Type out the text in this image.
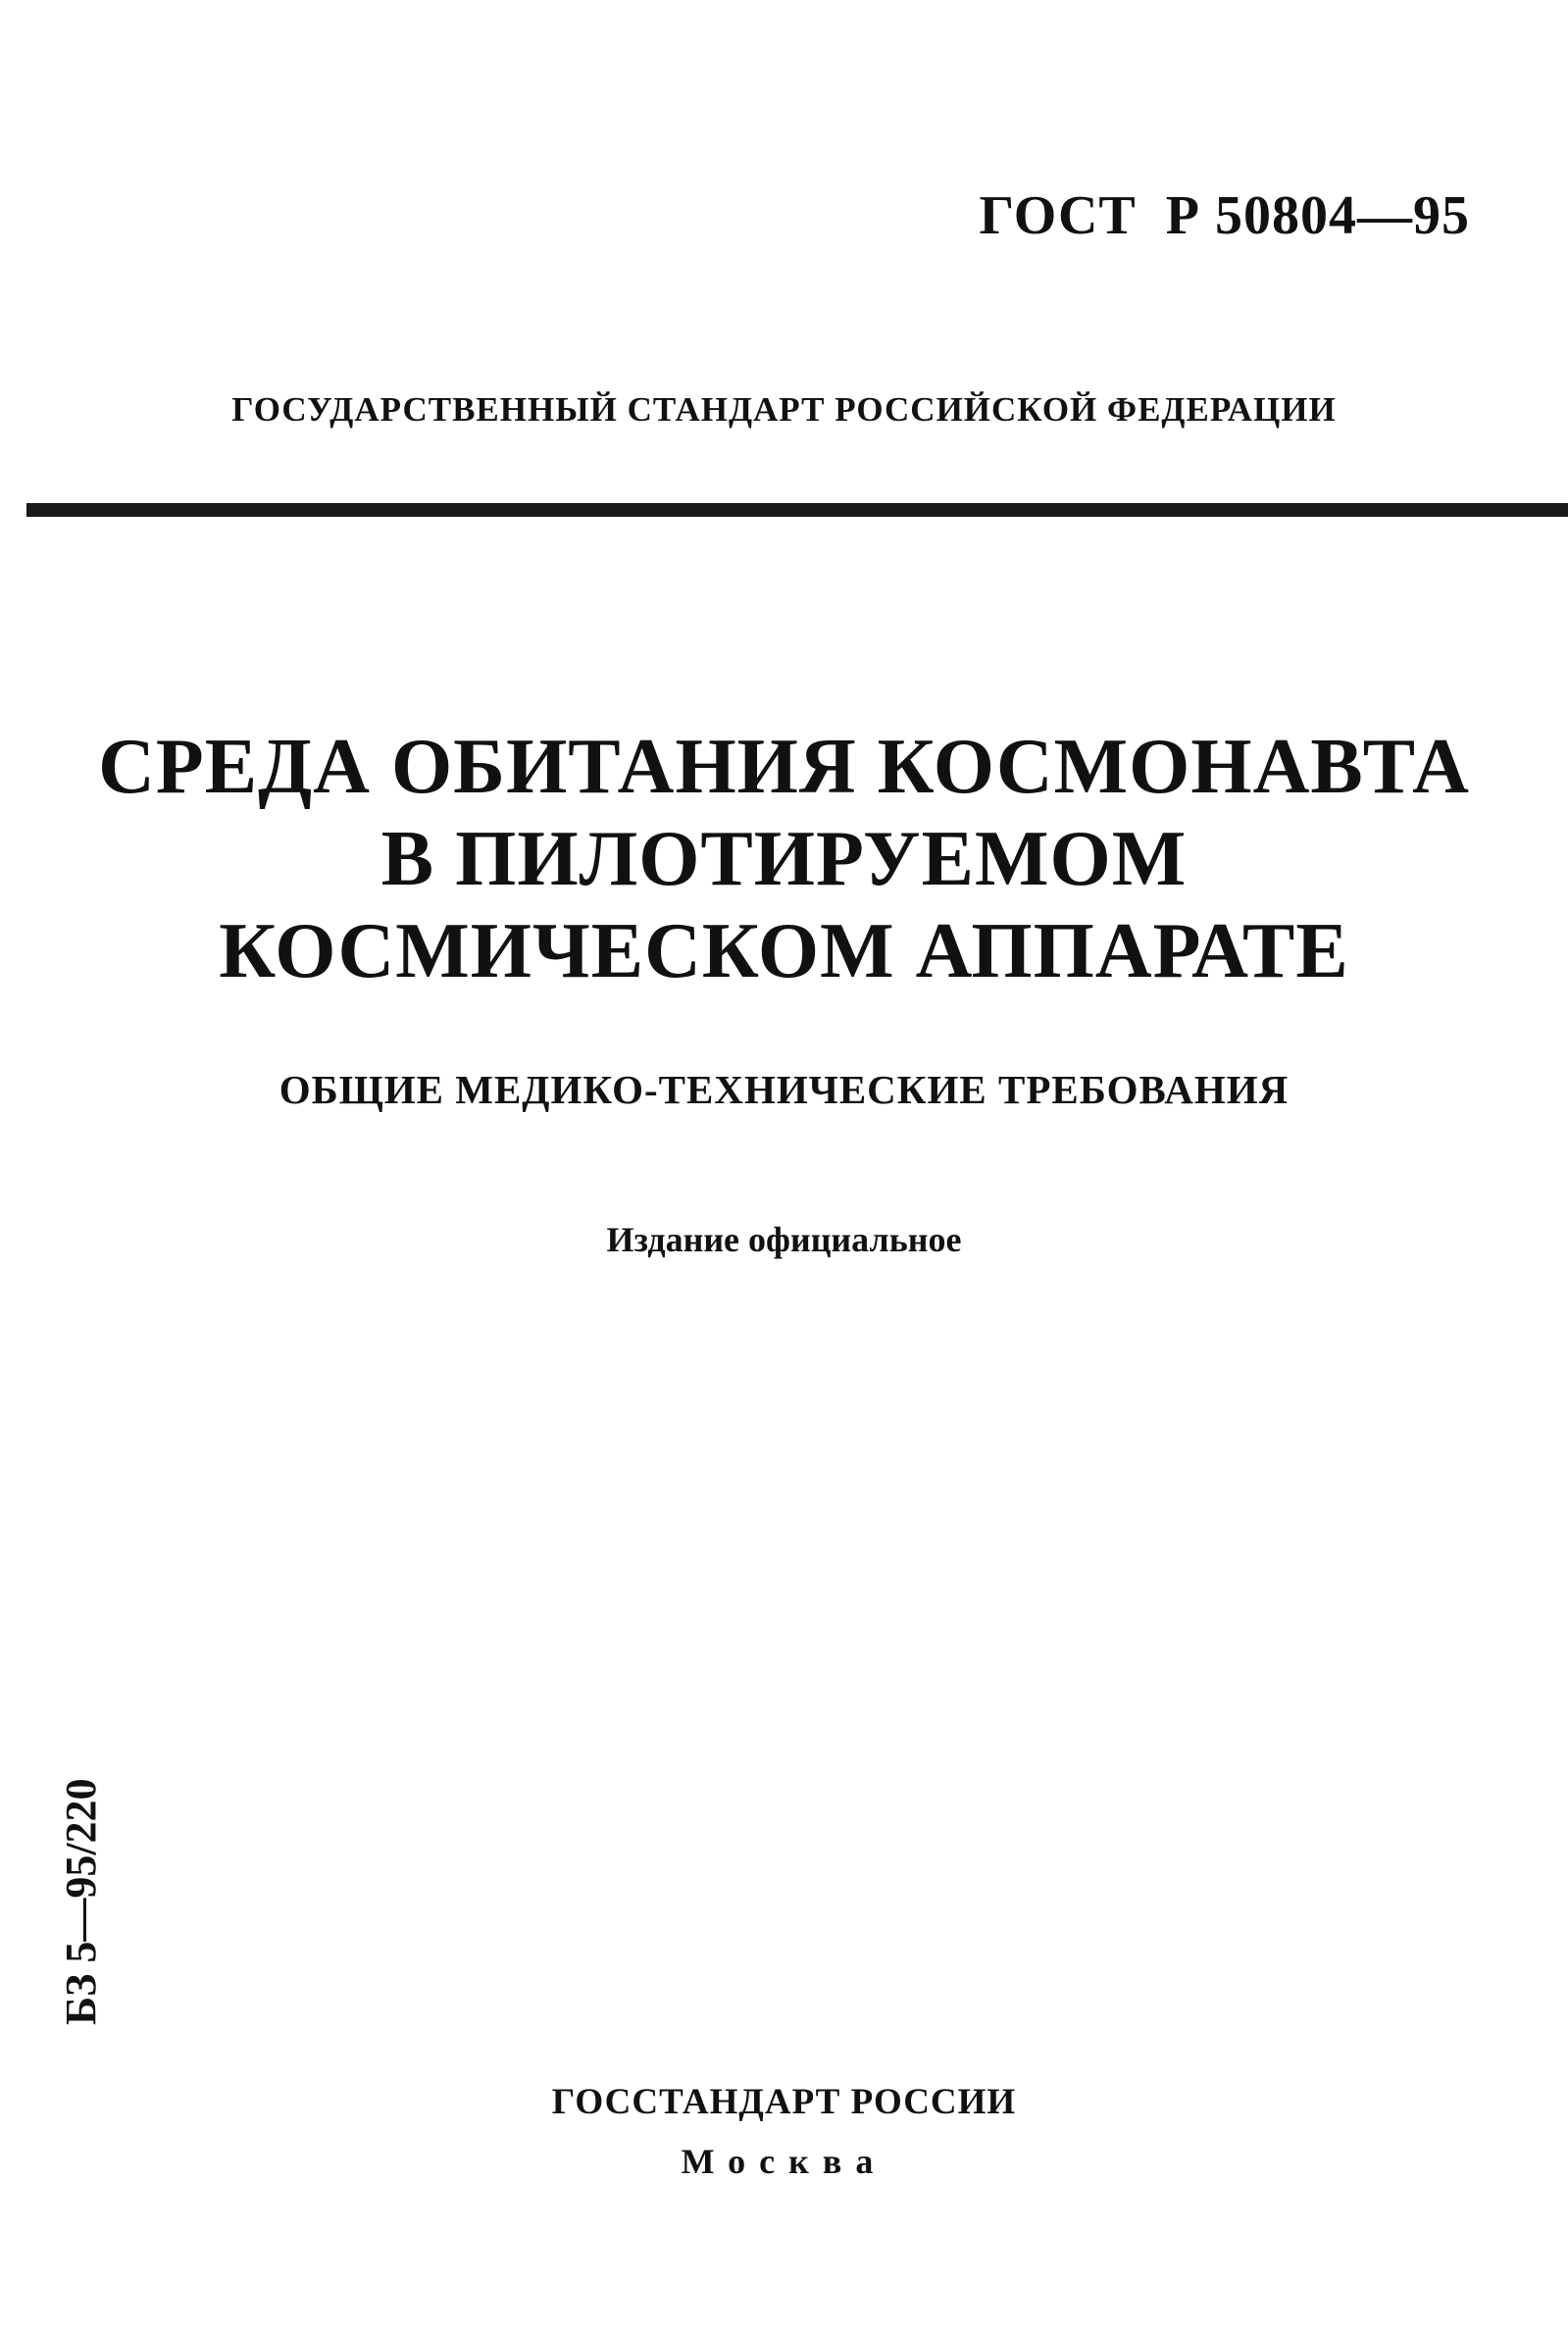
ГОСТ Р 50804—95
ГОСУДАРСТВЕННЫЙ СТАНДАРТ РОССИЙСКОЙ ФЕДЕРАЦИИ
СРЕДА ОБИТАНИЯ КОСМОНАВТА
В ПИЛОТИРУЕМОМ
КОСМИЧЕСКОМ АППАРАТЕ
ОБЩИЕ МЕДИКО-ТЕХНИЧЕСКИЕ ТРЕБОВАНИЯ
Издание официальное
БЗ 5—95/220
ГОССТАНДАРТ РОССИИ
Москва
